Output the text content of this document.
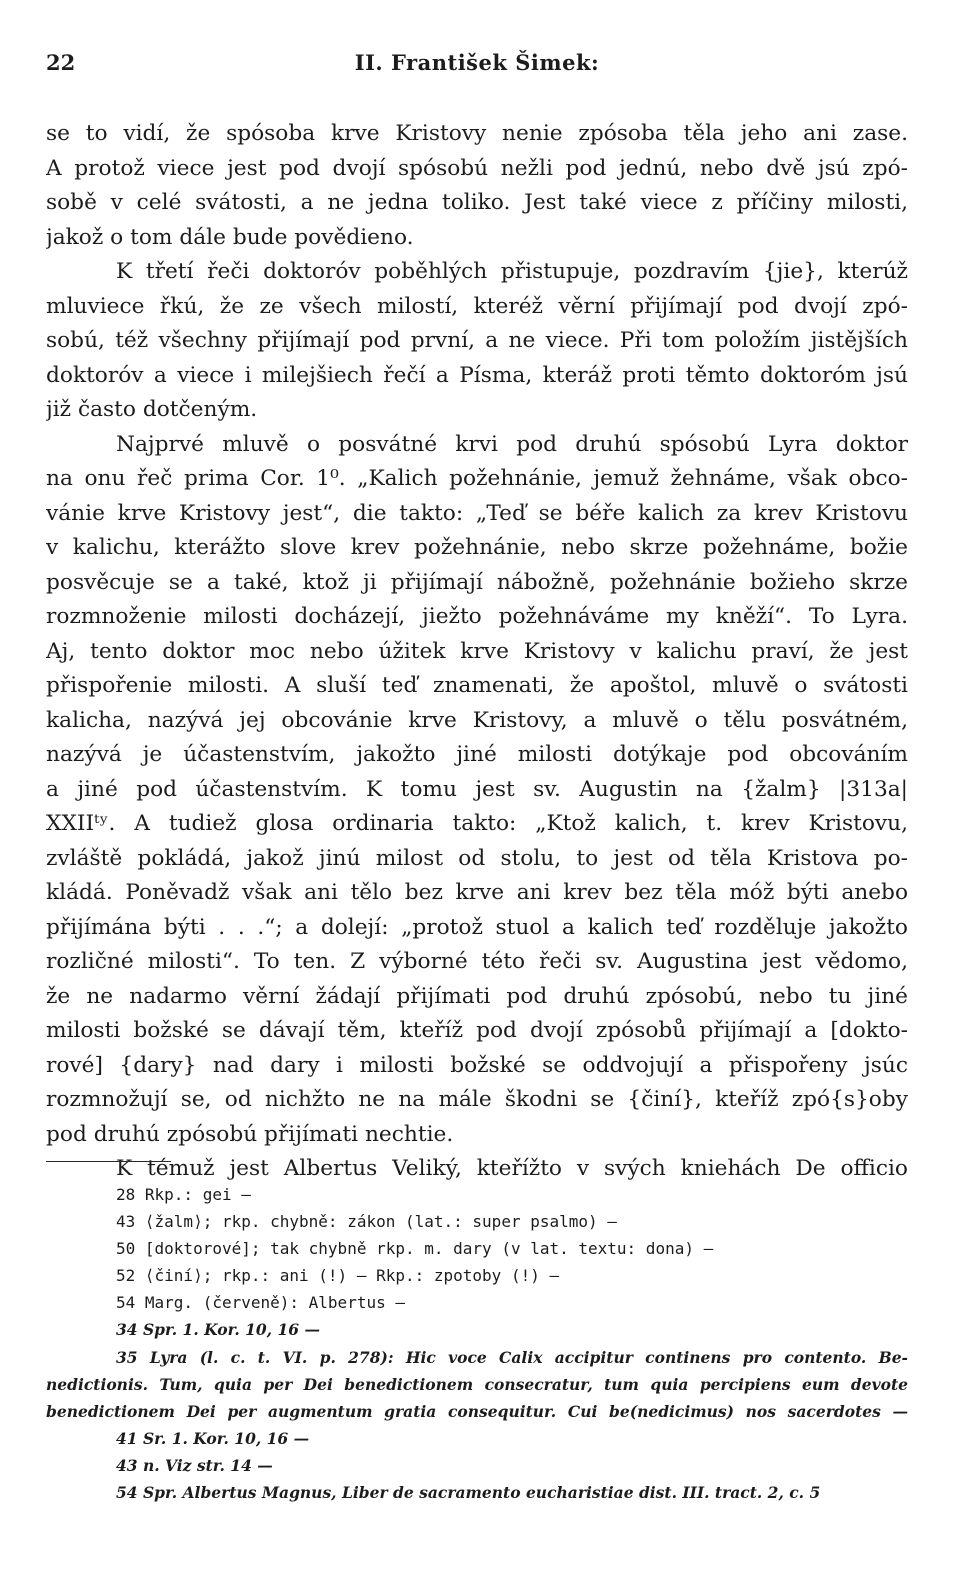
22	II. František Šimek:
se to vidí, že spósoba krve Kristovy nenie zpósoba těla jeho ani zase.
A protož viece jest pod dvojí spósobú nežli pod jednú, nebo dvě jsú zpó-
sobě v celé svátosti, a ne jedna toliko. Jest také viece z příčiny milosti,
jakož o tom dále bude povědieno.
K třetí řeči doktoróv poběhlých přistupuje, pozdravím {jie}, kterúž
mluviece řkú, že ze všech milostí, kteréž věrní přijímají pod dvojí zpó-
sobú, též všechny přijímají pod první, a ne viece. Při tom položím jistějších
doktoróv a viece i milejšiech řečí a Písma, kteráž proti těmto doktoróm jsú
již často dotčeným.
Najprvé mluvě o posvátné krvi pod druhú spósobú Lyra doktor
na onu řeč prima Cor. 1⁰. „Kalich požehnánie, jemuž žehnáme, však obco-
vánie krve Kristovy jest“, die takto: „Teď se béře kalich za krev Kristovu
v kalichu, kterážto slove krev požehnánie, nebo skrze požehnáme, božie
posvěcuje se a také, ktož ji přijímají nábožně, požehnánie božieho skrze
rozmnoženie milosti docházejí, jiežto požehnáváme my kněží“. To Lyra.
Aj, tento doktor moc nebo úžitek krve Kristovy v kalichu praví, že jest
přispořenie milosti. A sluší teď znamenati, že apoštol, mluvě o svátosti
kalicha, nazývá jej obcovánie krve Kristovy, a mluvě o tělu posvátném,
nazývá je účastenstvím, jakožto jiné milosti dotýkaje pod obcováním
a jiné pod účastenstvím. K tomu jest sv. Augustin na {žalm} |313a|
XXIIᵗʸ. A tudiež glosa ordinaria takto: „Ktož kalich, t. krev Kristovu,
zvláště pokládá, jakož jinú milost od stolu, to jest od těla Kristova po-
kládá. Poněvadž však ani tělo bez krve ani krev bez těla móž býti anebo
přijímána býti . . .“; a dolejí: „protož stuol a kalich teď rozděluje jakožto
rozličné milosti“. To ten. Z výborné této řeči sv. Augustina jest vědomo,
že ne nadarmo věrní žádají přijímati pod druhú zpósobú, nebo tu jiné
milosti božské se dávají těm, kteříž pod dvojí zpósobů přijímají a [dokto-
rové] {dary} nad dary i milosti božské se oddvojují a přispořeny jsúc
rozmnožují se, od nichžto ne na mále škodni se {činí}, kteříž zpó{s}oby
pod druhú zpósobú přijímati nechtie.
K témuž jest Albertus Veliký, kteřížto v svých kniehách De officio
28 Rkp.: gei —
43 ⟨žalm⟩; rkp. chybně: zákon (lat.: super psalmo) —
50 [doktorové]; tak chybně rkp. m. dary (v lat. textu: dona) —
52 ⟨činí⟩; rkp.: ani (!) — Rkp.: zpotoby (!) —
54 Marg. (červeně): Albertus —
34 Spr. 1. Kor. 10, 16 —
35 Lyra (l. c. t. VI. p. 278): Hic voce Calix accipitur continens pro contento. Be-
nedictionis. Tum, quia per Dei benedictionem consecratur, tum quia percipiens eum devote
benedictionem Dei per augmentum gratia consequitur. Cui be(nedicimus) nos sacerdotes —
41 Sr. 1. Kor. 10, 16 —
43 n. Viz str. 14 —
54 Spr. Albertus Magnus, Liber de sacramento eucharistiae dist. III. tract. 2, c. 5
